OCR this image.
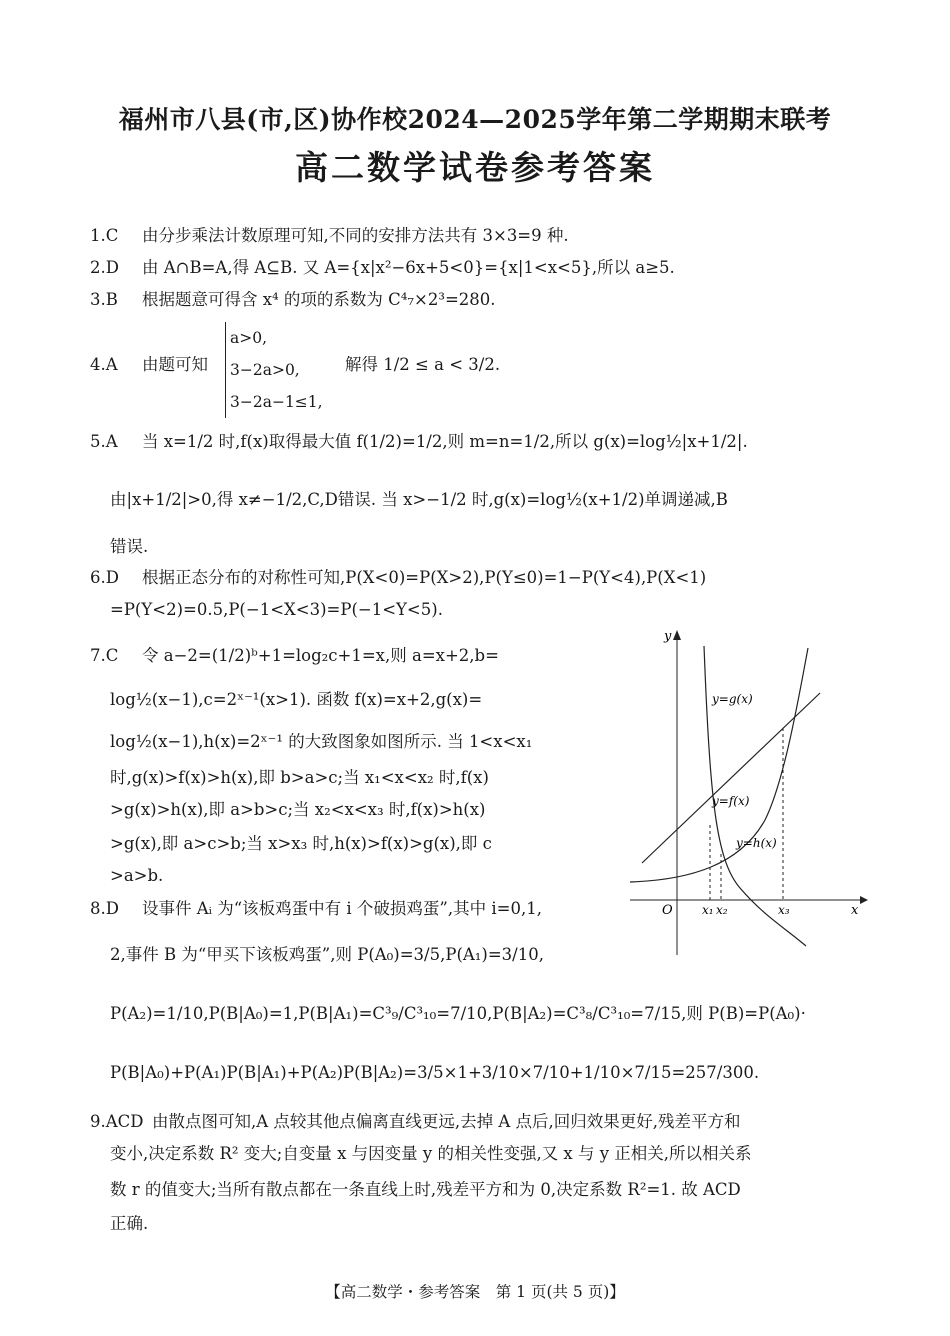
福州市八县(市,区)协作校2024—2025学年第二学期期末联考
高二数学试卷参考答案
1.C 由分步乘法计数原理可知,不同的安排方法共有 3×3=9 种.
2.D 由 A∩B=A,得 A⊆B. 又 A={x|x²−6x+5<0}={x|1<x<5},所以 a≥5.
3.B 根据题意可得含 x⁴ 的项的系数为 C⁴₇×2³=280.
4.A 由题可知
a>0,
3−2a>0,
3−2a−1≤1,
解得 1/2 ≤ a < 3/2.
5.A 当 x=1/2 时,f(x)取得最大值 f(1/2)=1/2,则 m=n=1/2,所以 g(x)=log½|x+1/2|.
由|x+1/2|>0,得 x≠−1/2,C,D错误. 当 x>−1/2 时,g(x)=log½(x+1/2)单调递减,B
错误.
6.D 根据正态分布的对称性可知,P(X<0)=P(X>2),P(Y≤0)=1−P(Y<4),P(X<1)
=P(Y<2)=0.5,P(−1<X<3)=P(−1<Y<5).
7.C 令 a−2=(1/2)ᵇ+1=log₂c+1=x,则 a=x+2,b=
log½(x−1),c=2ˣ⁻¹(x>1). 函数 f(x)=x+2,g(x)=
log½(x−1),h(x)=2ˣ⁻¹ 的大致图象如图所示. 当 1<x<x₁
时,g(x)>f(x)>h(x),即 b>a>c;当 x₁<x<x₂ 时,f(x)
>g(x)>h(x),即 a>b>c;当 x₂<x<x₃ 时,f(x)>h(x)
>g(x),即 a>c>b;当 x>x₃ 时,h(x)>f(x)>g(x),即 c
>a>b.
8.D 设事件 Aᵢ 为“该板鸡蛋中有 i 个破损鸡蛋”,其中 i=0,1,
2,事件 B 为“甲买下该板鸡蛋”,则 P(A₀)=3/5,P(A₁)=3/10,
P(A₂)=1/10,P(B|A₀)=1,P(B|A₁)=C³₉/C³₁₀=7/10,P(B|A₂)=C³₈/C³₁₀=7/15,则 P(B)=P(A₀)·
P(B|A₀)+P(A₁)P(B|A₁)+P(A₂)P(B|A₂)=3/5×1+3/10×7/10+1/10×7/15=257/300.
9.ACD 由散点图可知,A 点较其他点偏离直线更远,去掉 A 点后,回归效果更好,残差平方和
变小,决定系数 R² 变大;自变量 x 与因变量 y 的相关性变强,又 x 与 y 正相关,所以相关系
数 r 的值变大;当所有散点都在一条直线上时,残差平方和为 0,决定系数 R²=1. 故 ACD
正确.
y
x
O
y=g(x)
y=f(x)
y=h(x)
x₁ x₂	x₃
【高二数学・参考答案　第 1 页(共 5 页)】
